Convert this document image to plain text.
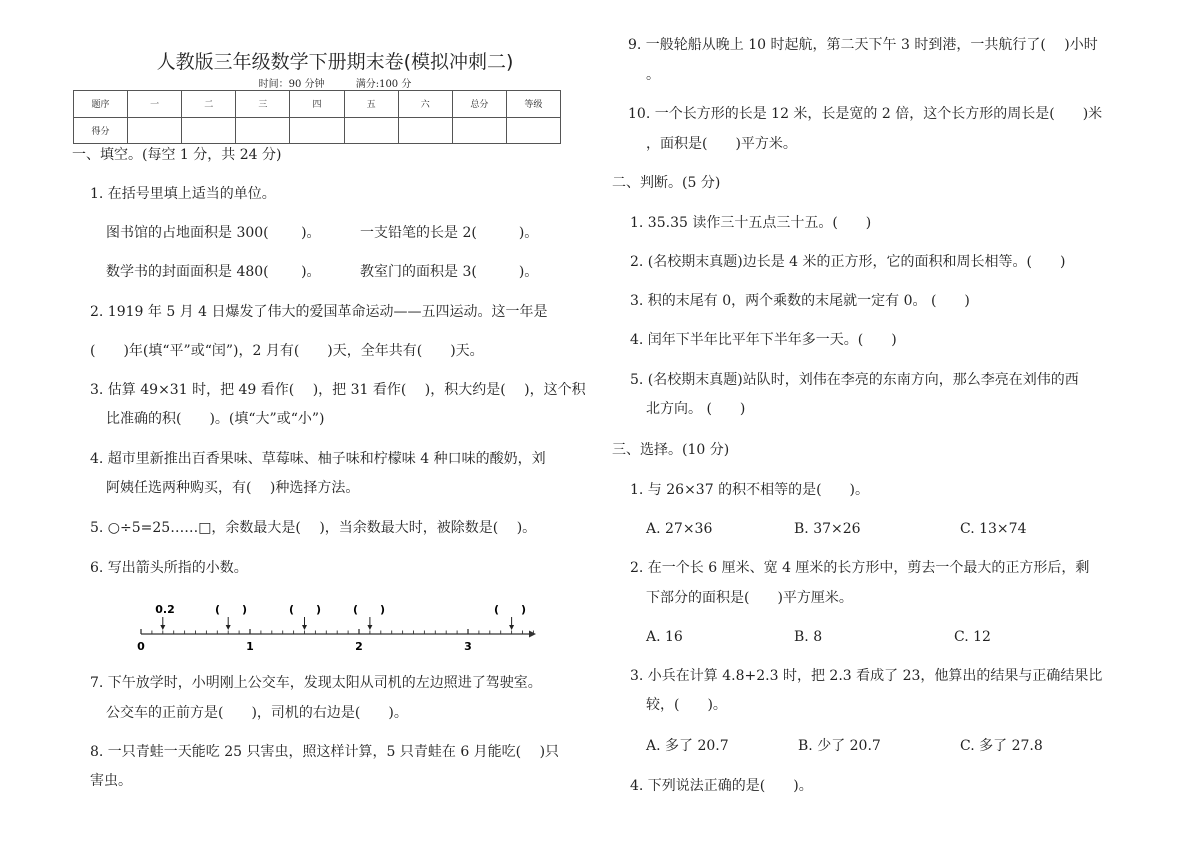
人教版三年级数学下册期末卷(模拟冲刺二)
时间：90 分钟	满分:100 分
题序	一	二	三	四	五	六	总分	等级
得分								
一、填空。(每空 1 分，共 24 分)
1. 在括号里填上适当的单位。
图书馆的占地面积是 300(　　 )。	一支铅笔的长是 2(　　　)。
数学书的封面面积是 480(　　 )。	教室门的面积是 3(　　　)。
2. 1919 年 5 月 4 日爆发了伟大的爱国革命运动——五四运动。这一年是
(　　)年(填“平”或“闰”)，2 月有(　　)天，全年共有(　　)天。
3. 估算 49×31 时，把 49 看作(　 )，把 31 看作(　 )，积大约是(　 )，这个积
比准确的积(　　)。(填“大”或“小”)
4. 超市里新推出百香果味、草莓味、柚子味和柠檬味 4 种口味的酸奶，刘
阿姨任选两种购买，有(　 )种选择方法。
5. ○÷5=25……□，余数最大是(　 )，当余数最大时，被除数是(　 )。
6. 写出箭头所指的小数。
0.2	(　　)	(　　)	(　　)	(　　)
0	1	2	3
7. 下午放学时，小明刚上公交车，发现太阳从司机的左边照进了驾驶室。
公交车的正前方是(　　)，司机的右边是(　　)。
8. 一只青蛙一天能吃 25 只害虫，照这样计算，5 只青蛙在 6 月能吃(　 )只
害虫。
9. 一般轮船从晚上 10 时起航，第二天下午 3 时到港，一共航行了(　 )小时
。
10. 一个长方形的长是 12 米，长是宽的 2 倍，这个长方形的周长是(　　)米
，面积是(　　)平方米。
二、判断。(5 分)
1. 35.35 读作三十五点三十五。(　　)
2. (名校期末真题)边长是 4 米的正方形，它的面积和周长相等。(　　)
3. 积的末尾有 0，两个乘数的末尾就一定有 0。 (　　)
4. 闰年下半年比平年下半年多一天。(　　)
5. (名校期末真题)站队时，刘伟在李亮的东南方向，那么李亮在刘伟的西
北方向。 (　　)
三、选择。(10 分)
1. 与 26×37 的积不相等的是(　　)。
A. 27×36	B. 37×26	C. 13×74
2. 在一个长 6 厘米、宽 4 厘米的长方形中，剪去一个最大的正方形后，剩
下部分的面积是(　　)平方厘米。
A. 16	B. 8	C. 12
3. 小兵在计算 4.8+2.3 时，把 2.3 看成了 23，他算出的结果与正确结果比
较，(　　)。
A. 多了 20.7	B. 少了 20.7	C. 多了 27.8
4. 下列说法正确的是(　　)。
